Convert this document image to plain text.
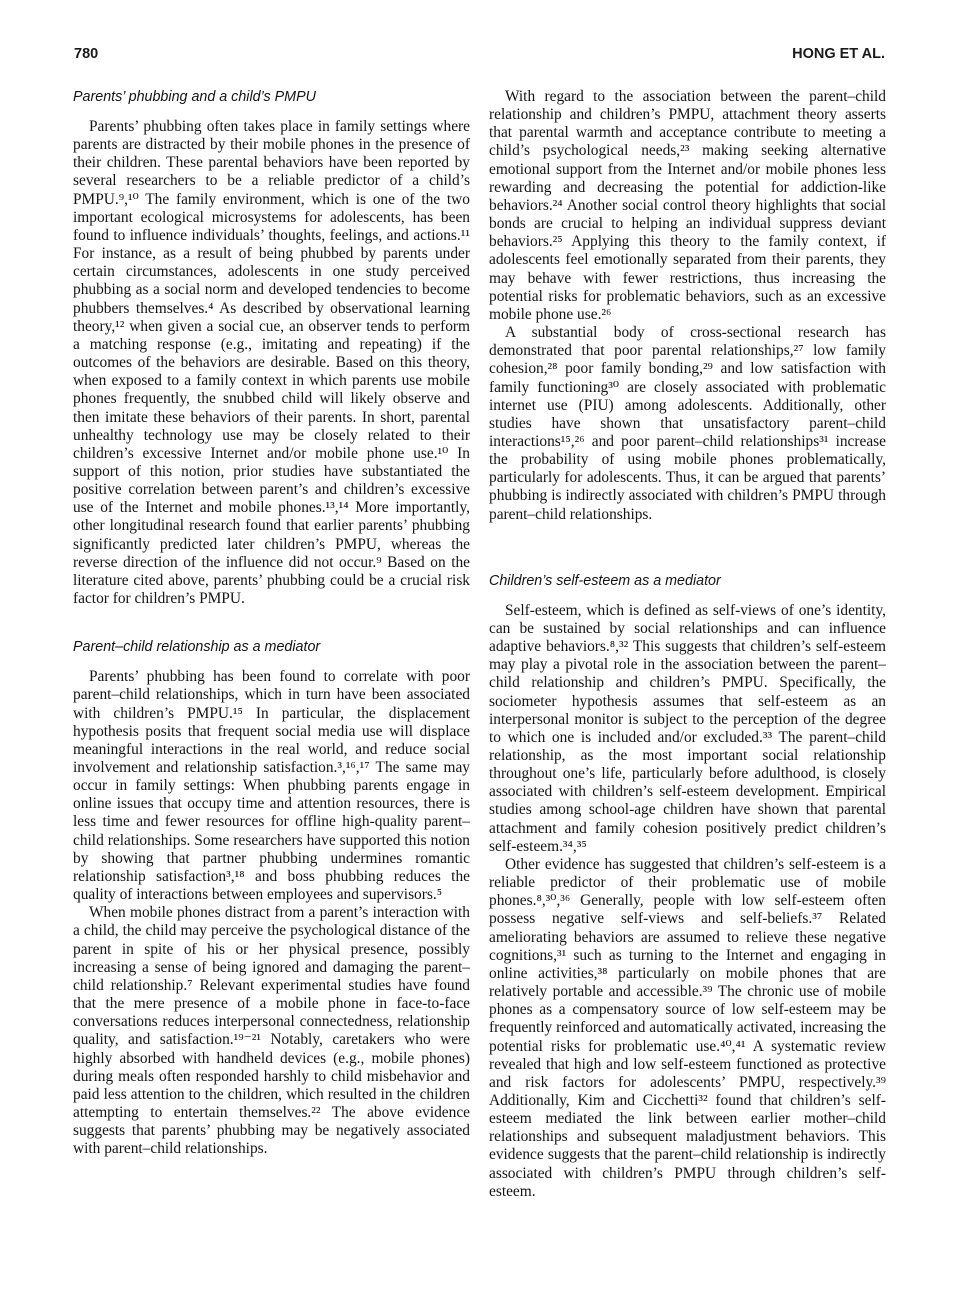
780	HONG ET AL.
Parents’ phubbing and a child’s PMPU

Parents’ phubbing often takes place in family settings where parents are distracted by their mobile phones in the presence of their children. These parental behaviors have been reported by several researchers to be a reliable predictor of a child’s PMPU.⁹,¹⁰ The family environment, which is one of the two important ecological microsystems for adolescents, has been found to influence individuals’ thoughts, feelings, and actions.¹¹ For instance, as a result of being phubbed by parents under certain circumstances, adolescents in one study perceived phubbing as a social norm and developed tendencies to become phubbers themselves.⁴ As described by observational learning theory,¹² when given a social cue, an observer tends to perform a matching response (e.g., imitating and repeating) if the outcomes of the behaviors are desirable. Based on this theory, when exposed to a family context in which parents use mobile phones frequently, the snubbed child will likely observe and then imitate these behaviors of their parents. In short, parental unhealthy technology use may be closely related to their children’s excessive Internet and/or mobile phone use.¹⁰ In support of this notion, prior studies have substantiated the positive correlation between parent’s and children’s excessive use of the Internet and mobile phones.¹³,¹⁴ More importantly, other longitudinal research found that earlier parents’ phubbing significantly predicted later children’s PMPU, whereas the reverse direction of the influence did not occur.⁹ Based on the literature cited above, parents’ phubbing could be a crucial risk factor for children’s PMPU.

Parent–child relationship as a mediator

Parents’ phubbing has been found to correlate with poor parent–child relationships, which in turn have been associated with children’s PMPU.¹⁵ In particular, the displacement hypothesis posits that frequent social media use will displace meaningful interactions in the real world, and reduce social involvement and relationship satisfaction.³,¹⁶,¹⁷ The same may occur in family settings: When phubbing parents engage in online issues that occupy time and attention resources, there is less time and fewer resources for offline high-quality parent–child relationships. Some researchers have supported this notion by showing that partner phubbing undermines romantic relationship satisfaction³,¹⁸ and boss phubbing reduces the quality of interactions between employees and supervisors.⁵

When mobile phones distract from a parent’s interaction with a child, the child may perceive the psychological distance of the parent in spite of his or her physical presence, possibly increasing a sense of being ignored and damaging the parent–child relationship.⁷ Relevant experimental studies have found that the mere presence of a mobile phone in face-to-face conversations reduces interpersonal connectedness, relationship quality, and satisfaction.¹⁹⁻²¹ Notably, caretakers who were highly absorbed with handheld devices (e.g., mobile phones) during meals often responded harshly to child misbehavior and paid less attention to the children, which resulted in the children attempting to entertain themselves.²² The above evidence suggests that parents’ phubbing may be negatively associated with parent–child relationships.

With regard to the association between the parent–child relationship and children’s PMPU, attachment theory asserts that parental warmth and acceptance contribute to meeting a child’s psychological needs,²³ making seeking alternative emotional support from the Internet and/or mobile phones less rewarding and decreasing the potential for addiction-like behaviors.²⁴ Another social control theory highlights that social bonds are crucial to helping an individual suppress deviant behaviors.²⁵ Applying this theory to the family context, if adolescents feel emotionally separated from their parents, they may behave with fewer restrictions, thus increasing the potential risks for problematic behaviors, such as an excessive mobile phone use.²⁶

A substantial body of cross-sectional research has demonstrated that poor parental relationships,²⁷ low family cohesion,²⁸ poor family bonding,²⁹ and low satisfaction with family functioning³⁰ are closely associated with problematic internet use (PIU) among adolescents. Additionally, other studies have shown that unsatisfactory parent–child interactions¹⁵,²⁶ and poor parent–child relationships³¹ increase the probability of using mobile phones problematically, particularly for adolescents. Thus, it can be argued that parents’ phubbing is indirectly associated with children’s PMPU through parent–child relationships.

Children’s self-esteem as a mediator

Self-esteem, which is defined as self-views of one’s identity, can be sustained by social relationships and can influence adaptive behaviors.⁸,³² This suggests that children’s self-esteem may play a pivotal role in the association between the parent–child relationship and children’s PMPU. Specifically, the sociometer hypothesis assumes that self-esteem as an interpersonal monitor is subject to the perception of the degree to which one is included and/or excluded.³³ The parent–child relationship, as the most important social relationship throughout one’s life, particularly before adulthood, is closely associated with children’s self-esteem development. Empirical studies among school-age children have shown that parental attachment and family cohesion positively predict children’s self-esteem.³⁴,³⁵

Other evidence has suggested that children’s self-esteem is a reliable predictor of their problematic use of mobile phones.⁸,³⁰,³⁶ Generally, people with low self-esteem often possess negative self-views and self-beliefs.³⁷ Related ameliorating behaviors are assumed to relieve these negative cognitions,³¹ such as turning to the Internet and engaging in online activities,³⁸ particularly on mobile phones that are relatively portable and accessible.³⁹ The chronic use of mobile phones as a compensatory source of low self-esteem may be frequently reinforced and automatically activated, increasing the potential risks for problematic use.⁴⁰,⁴¹ A systematic review revealed that high and low self-esteem functioned as protective and risk factors for adolescents’ PMPU, respectively.³⁹ Additionally, Kim and Cicchetti³² found that children’s self-esteem mediated the link between earlier mother–child relationships and subsequent maladjustment behaviors. This evidence suggests that the parent–child relationship is indirectly associated with children’s PMPU through children’s self-esteem.
